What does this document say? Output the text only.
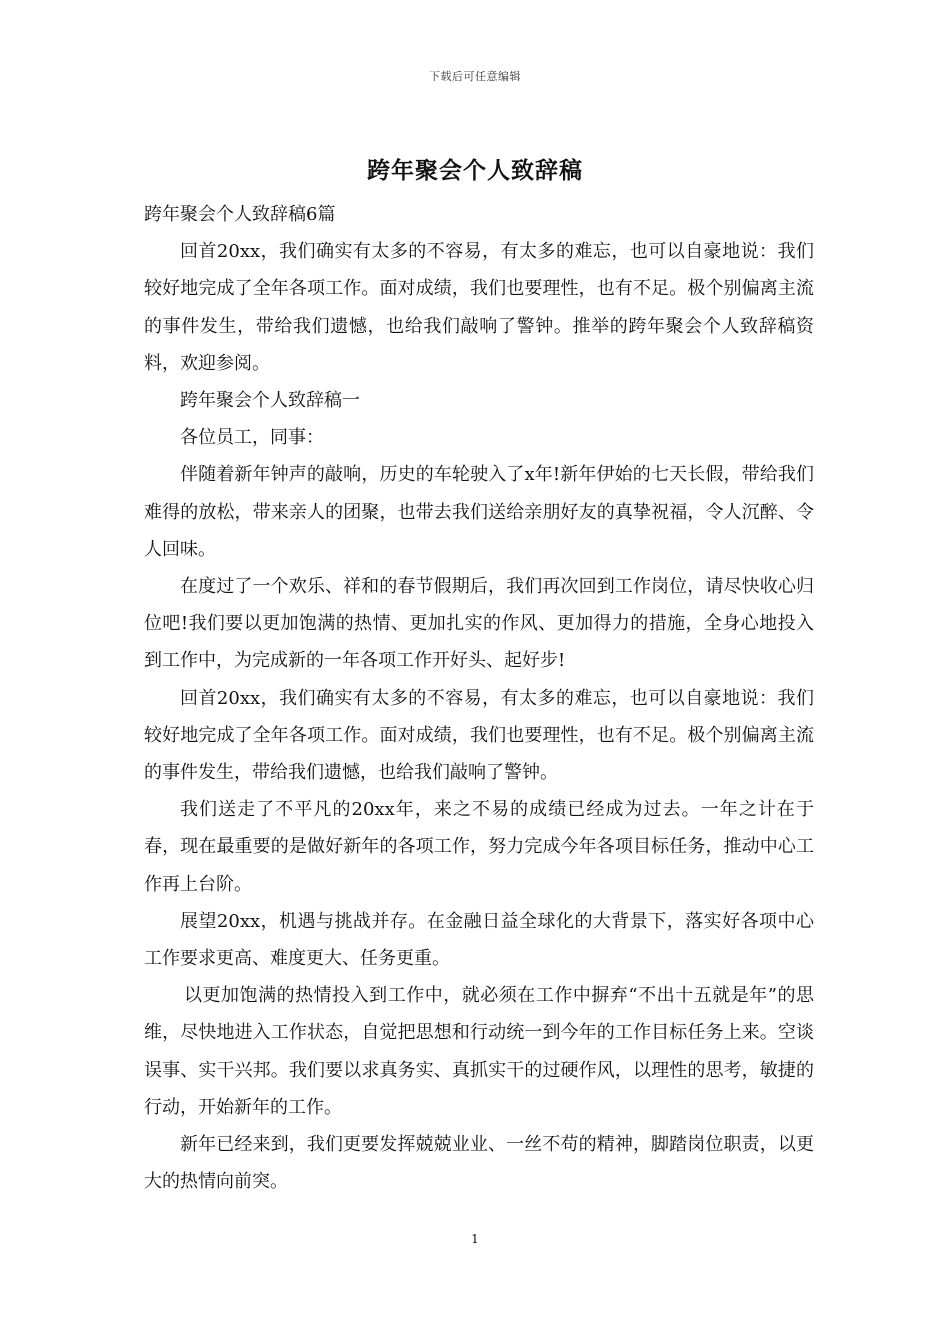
下载后可任意编辑
跨年聚会个人致辞稿

跨年聚会个人致辞稿6篇

回首20xx，我们确实有太多的不容易，有太多的难忘，也可以自豪地说：我们较好地完成了全年各项工作。面对成绩，我们也要理性，也有不足。极个别偏离主流的事件发生，带给我们遗憾，也给我们敲响了警钟。推举的跨年聚会个人致辞稿资料，欢迎参阅。

跨年聚会个人致辞稿一

各位员工，同事：

伴随着新年钟声的敲响，历史的车轮驶入了x年!新年伊始的七天长假，带给我们难得的放松，带来亲人的团聚，也带去我们送给亲朋好友的真挚祝福，令人沉醉、令人回味。

在度过了一个欢乐、祥和的春节假期后，我们再次回到工作岗位，请尽快收心归位吧!我们要以更加饱满的热情、更加扎实的作风、更加得力的措施，全身心地投入到工作中，为完成新的一年各项工作开好头、起好步!

回首20xx，我们确实有太多的不容易，有太多的难忘，也可以自豪地说：我们较好地完成了全年各项工作。面对成绩，我们也要理性，也有不足。极个别偏离主流的事件发生，带给我们遗憾，也给我们敲响了警钟。

我们送走了不平凡的20xx年，来之不易的成绩已经成为过去。一年之计在于春，现在最重要的是做好新年的各项工作，努力完成今年各项目标任务，推动中心工作再上台阶。

展望20xx，机遇与挑战并存。在金融日益全球化的大背景下，落实好各项中心工作要求更高、难度更大、任务更重。

以更加饱满的热情投入到工作中，就必须在工作中摒弃“不出十五就是年”的思维，尽快地进入工作状态，自觉把思想和行动统一到今年的工作目标任务上来。空谈误事、实干兴邦。我们要以求真务实、真抓实干的过硬作风，以理性的思考，敏捷的行动，开始新年的工作。

新年已经来到，我们更要发挥兢兢业业、一丝不苟的精神，脚踏岗位职责，以更大的热情向前突。

1
